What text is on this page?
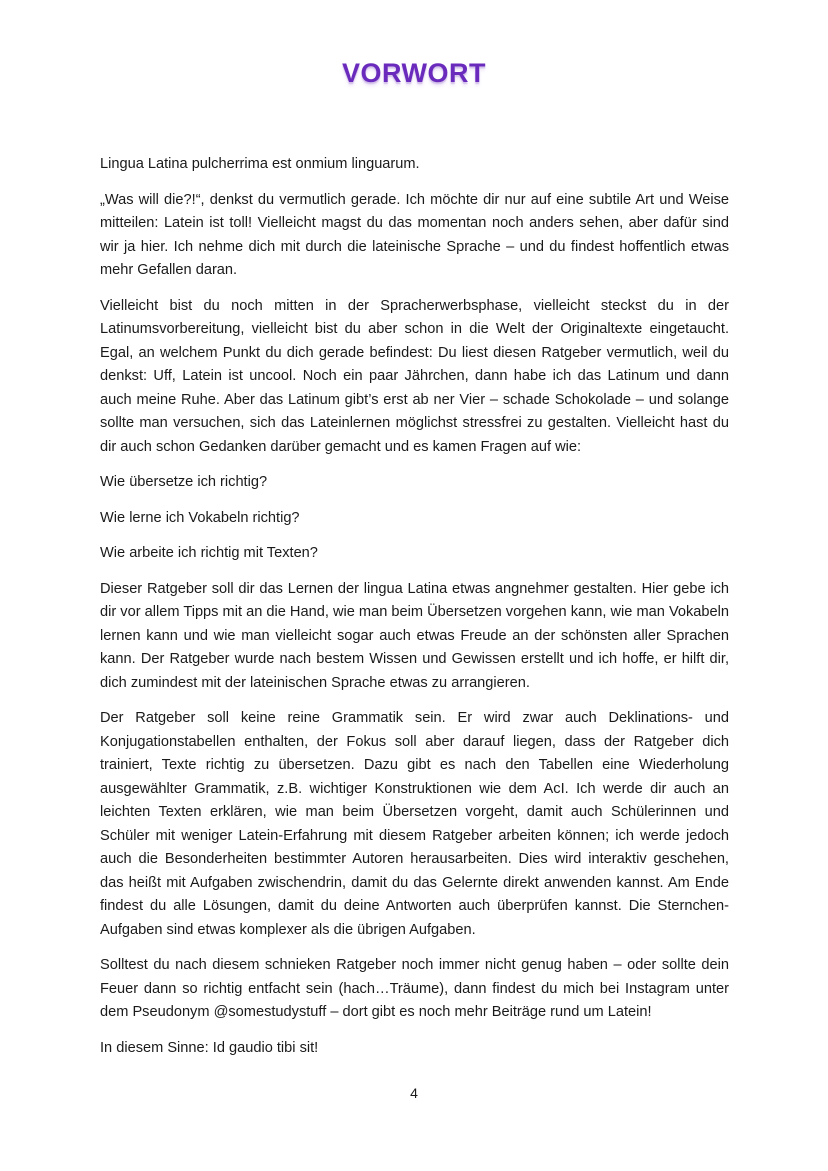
VORWORT

Lingua Latina pulcherrima est onmium linguarum.

„Was will die?!“, denkst du vermutlich gerade. Ich möchte dir nur auf eine subtile Art und Weise mitteilen: Latein ist toll! Vielleicht magst du das momentan noch anders sehen, aber dafür sind wir ja hier. Ich nehme dich mit durch die lateinische Sprache – und du findest hoffentlich etwas mehr Gefallen daran.

Vielleicht bist du noch mitten in der Spracherwerbsphase, vielleicht steckst du in der Latinumsvorbereitung, vielleicht bist du aber schon in die Welt der Originaltexte eingetaucht. Egal, an welchem Punkt du dich gerade befindest: Du liest diesen Ratgeber vermutlich, weil du denkst: Uff, Latein ist uncool. Noch ein paar Jährchen, dann habe ich das Latinum und dann auch meine Ruhe. Aber das Latinum gibt’s erst ab ner Vier – schade Schokolade – und solange sollte man versuchen, sich das Lateinlernen möglichst stressfrei zu gestalten. Vielleicht hast du dir auch schon Gedanken darüber gemacht und es kamen Fragen auf wie:

Wie übersetze ich richtig?

Wie lerne ich Vokabeln richtig?

Wie arbeite ich richtig mit Texten?

Dieser Ratgeber soll dir das Lernen der lingua Latina etwas angnehmer gestalten. Hier gebe ich dir vor allem Tipps mit an die Hand, wie man beim Übersetzen vorgehen kann, wie man Vokabeln lernen kann und wie man vielleicht sogar auch etwas Freude an der schönsten aller Sprachen kann. Der Ratgeber wurde nach bestem Wissen und Gewissen erstellt und ich hoffe, er hilft dir, dich zumindest mit der lateinischen Sprache etwas zu arrangieren.

Der Ratgeber soll keine reine Grammatik sein. Er wird zwar auch Deklinations- und Konjugationstabellen enthalten, der Fokus soll aber darauf liegen, dass der Ratgeber dich trainiert, Texte richtig zu übersetzen. Dazu gibt es nach den Tabellen eine Wiederholung ausgewählter Grammatik, z.B. wichtiger Konstruktionen wie dem AcI. Ich werde dir auch an leichten Texten erklären, wie man beim Übersetzen vorgeht, damit auch Schülerinnen und Schüler mit weniger Latein-Erfahrung mit diesem Ratgeber arbeiten können; ich werde jedoch auch die Besonderheiten bestimmter Autoren herausarbeiten. Dies wird interaktiv geschehen, das heißt mit Aufgaben zwischendrin, damit du das Gelernte direkt anwenden kannst. Am Ende findest du alle Lösungen, damit du deine Antworten auch überprüfen kannst. Die Sternchen-Aufgaben sind etwas komplexer als die übrigen Aufgaben.

Solltest du nach diesem schnieken Ratgeber noch immer nicht genug haben – oder sollte dein Feuer dann so richtig entfacht sein (hach…Träume), dann findest du mich bei Instagram unter dem Pseudonym @somestudystuff – dort gibt es noch mehr Beiträge rund um Latein!

In diesem Sinne: Id gaudio tibi sit!

4
